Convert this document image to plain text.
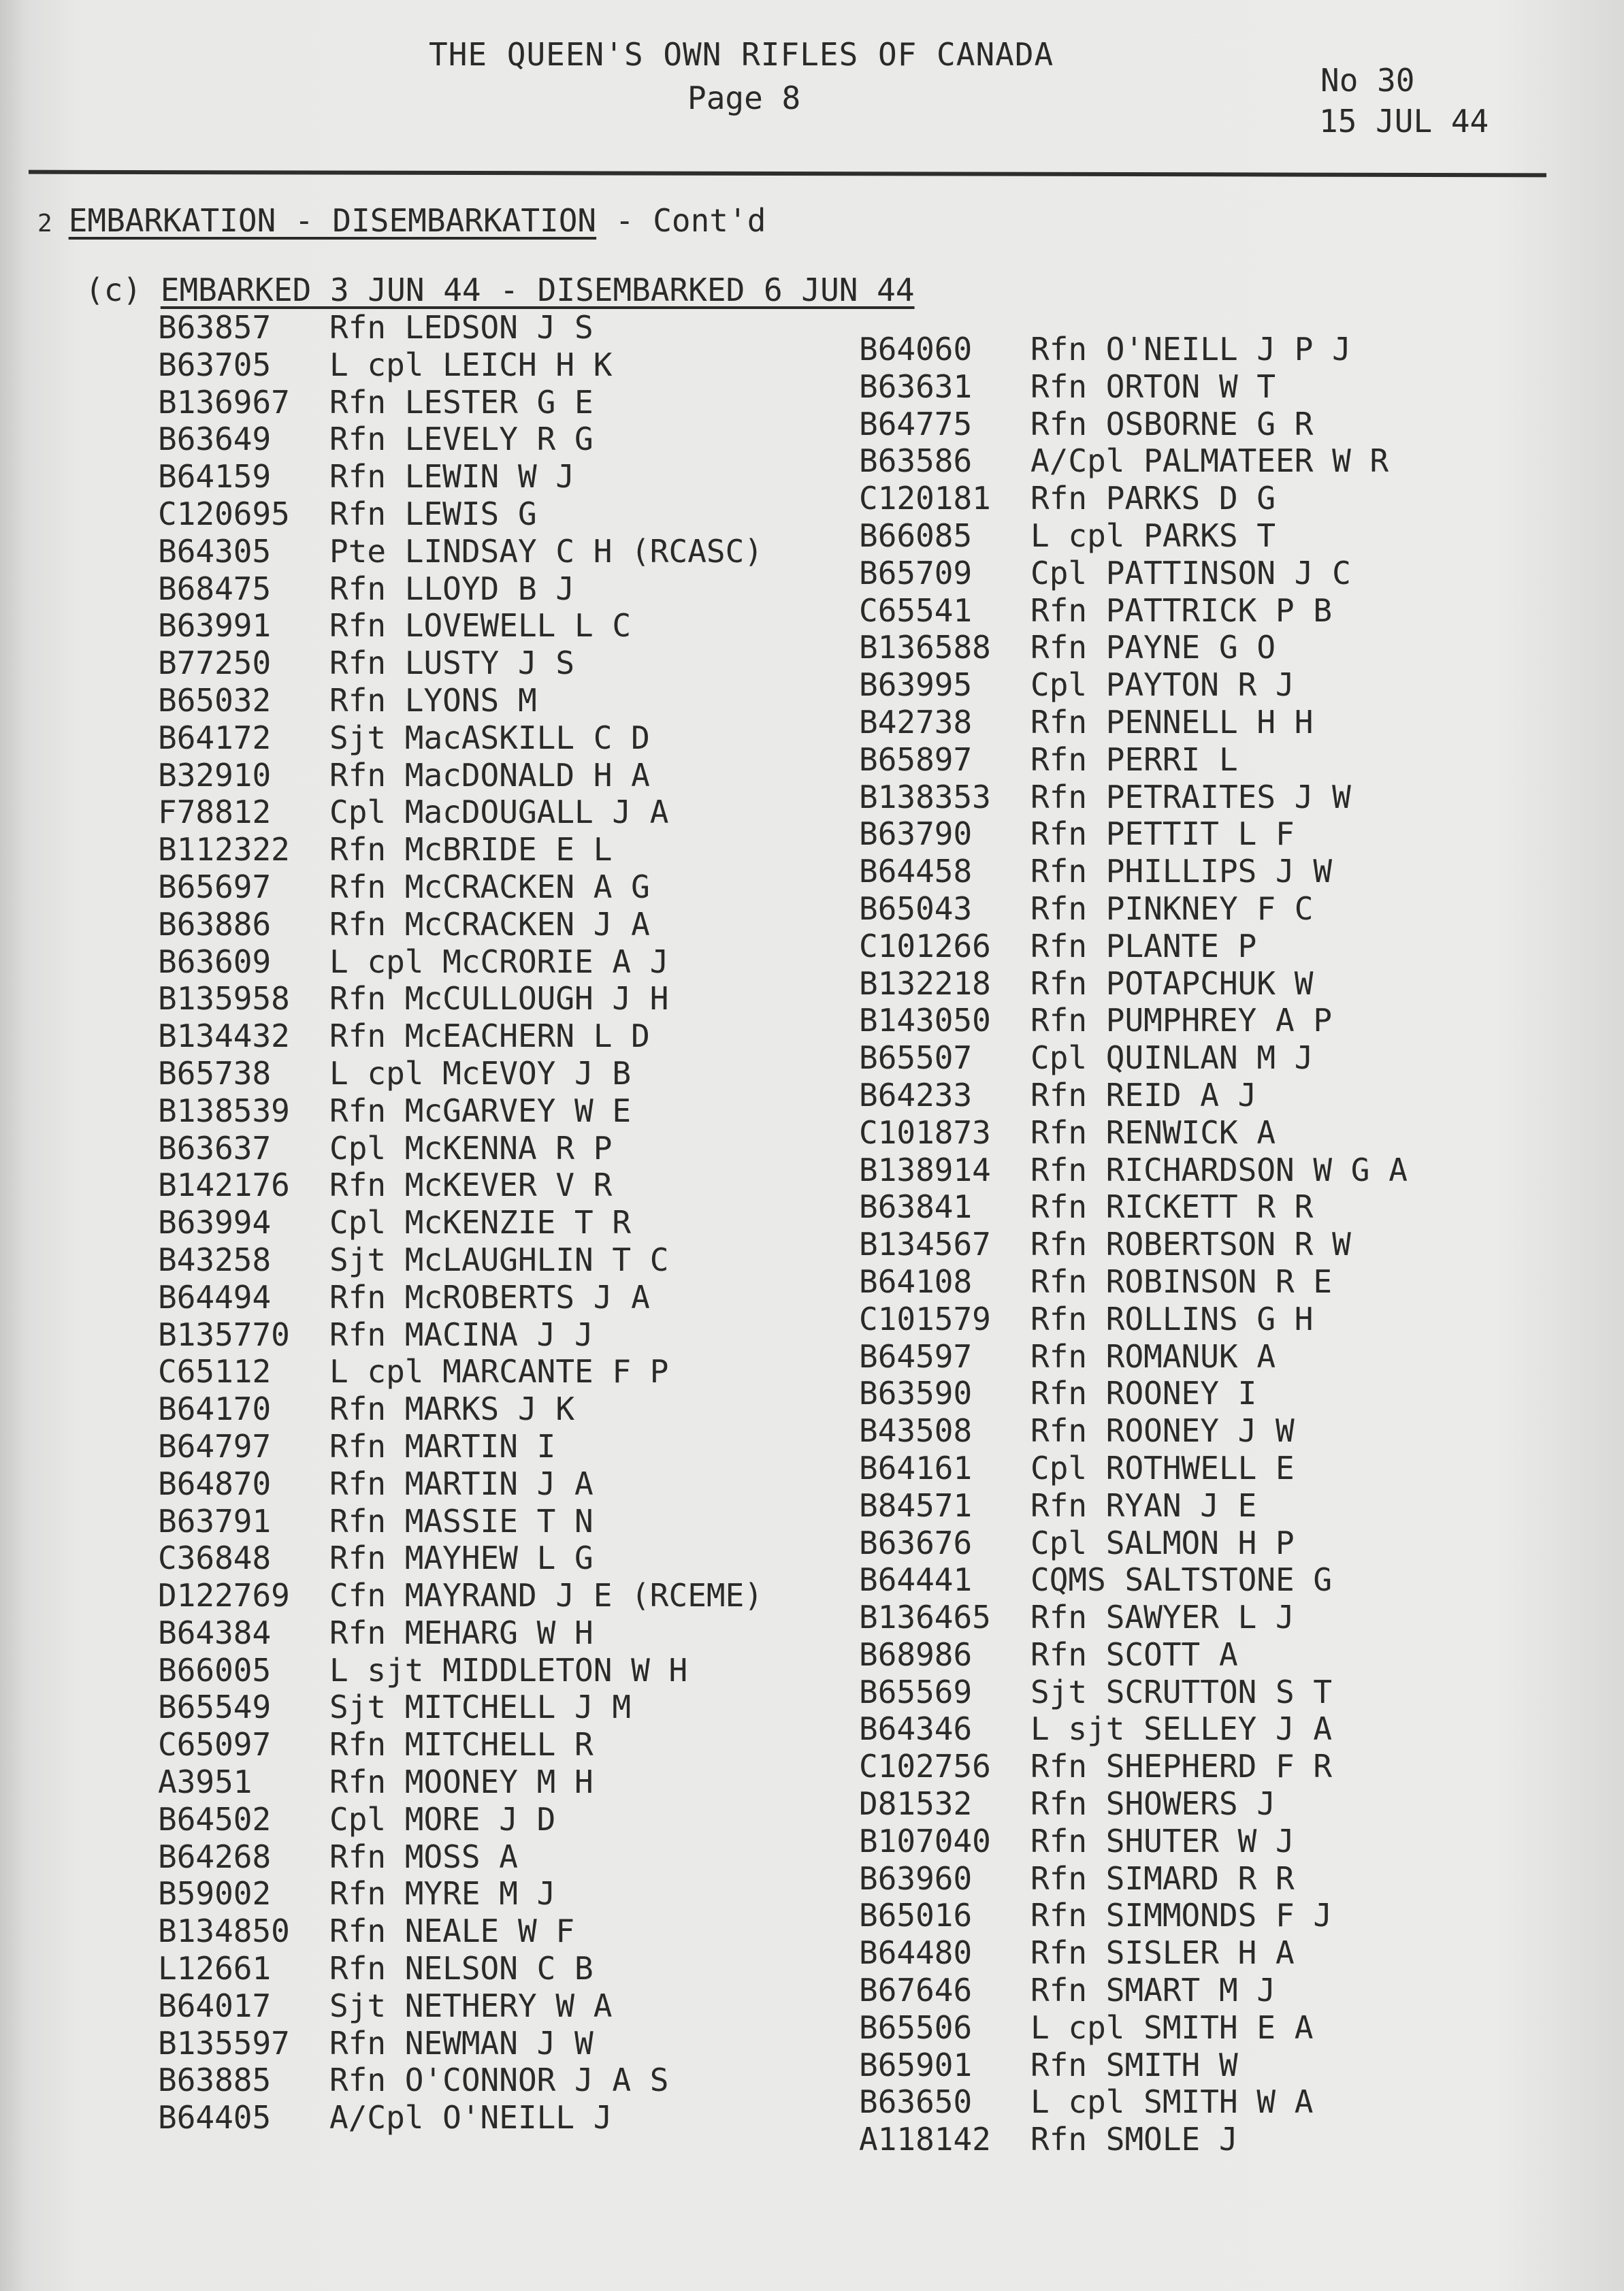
THE QUEEN'S OWN RIFLES OF CANADA
Page 8	No 30
15 JUL 44
2 EMBARKATION - DISEMBARKATION - Cont'd
(c) EMBARKED 3 JUN 44 - DISEMBARKED 6 JUN 44
B63857 Rfn LEDSON J S
B63705 L cpl LEICH H K
B136967 Rfn LESTER G E
B63649 Rfn LEVELY R G
B64159 Rfn LEWIN W J
C120695 Rfn LEWIS G
B64305 Pte LINDSAY C H (RCASC)
B68475 Rfn LLOYD B J
B63991 Rfn LOVEWELL L C
B77250 Rfn LUSTY J S
B65032 Rfn LYONS M
B64172 Sjt MacASKILL C D
B32910 Rfn MacDONALD H A
F78812 Cpl MacDOUGALL J A
B112322 Rfn McBRIDE E L
B65697 Rfn McCRACKEN A G
B63886 Rfn McCRACKEN J A
B63609 L cpl McCRORIE A J
B135958 Rfn McCULLOUGH J H
B134432 Rfn McEACHERN L D
B65738 L cpl McEVOY J B
B138539 Rfn McGARVEY W E
B63637 Cpl McKENNA R P
B142176 Rfn McKEVER V R
B63994 Cpl McKENZIE T R
B43258 Sjt McLAUGHLIN T C
B64494 Rfn McROBERTS J A
B135770 Rfn MACINA J J
C65112 L cpl MARCANTE F P
B64170 Rfn MARKS J K
B64797 Rfn MARTIN I
B64870 Rfn MARTIN J A
B63791 Rfn MASSIE T N
C36848 Rfn MAYHEW L G
D122769 Cfn MAYRAND J E (RCEME)
B64384 Rfn MEHARG W H
B66005 L sjt MIDDLETON W H
B65549 Sjt MITCHELL J M
C65097 Rfn MITCHELL R
A3951 Rfn MOONEY M H
B64502 Cpl MORE J D
B64268 Rfn MOSS A
B59002 Rfn MYRE M J
B134850 Rfn NEALE W F
L12661 Rfn NELSON C B
B64017 Sjt NETHERY W A
B135597 Rfn NEWMAN J W
B63885 Rfn O'CONNOR J A S
B64405 A/Cpl O'NEILL J
B64060 Rfn O'NEILL J P J
B63631 Rfn ORTON W T
B64775 Rfn OSBORNE G R
B63586 A/Cpl PALMATEER W R
C120181 Rfn PARKS D G
B66085 L cpl PARKS T
B65709 Cpl PATTINSON J C
C65541 Rfn PATTRICK P B
B136588 Rfn PAYNE G O
B63995 Cpl PAYTON R J
B42738 Rfn PENNELL H H
B65897 Rfn PERRI L
B138353 Rfn PETRAITES J W
B63790 Rfn PETTIT L F
B64458 Rfn PHILLIPS J W
B65043 Rfn PINKNEY F C
C101266 Rfn PLANTE P
B132218 Rfn POTAPCHUK W
B143050 Rfn PUMPHREY A P
B65507 Cpl QUINLAN M J
B64233 Rfn REID A J
C101873 Rfn RENWICK A
B138914 Rfn RICHARDSON W G A
B63841 Rfn RICKETT R R
B134567 Rfn ROBERTSON R W
B64108 Rfn ROBINSON R E
C101579 Rfn ROLLINS G H
B64597 Rfn ROMANUK A
B63590 Rfn ROONEY I
B43508 Rfn ROONEY J W
B64161 Cpl ROTHWELL E
B84571 Rfn RYAN J E
B63676 Cpl SALMON H P
B64441 CQMS SALTSTONE G
B136465 Rfn SAWYER L J
B68986 Rfn SCOTT A
B65569 Sjt SCRUTTON S T
B64346 L sjt SELLEY J A
C102756 Rfn SHEPHERD F R
D81532 Rfn SHOWERS J
B107040 Rfn SHUTER W J
B63960 Rfn SIMARD R R
B65016 Rfn SIMMONDS F J
B64480 Rfn SISLER H A
B67646 Rfn SMART M J
B65506 L cpl SMITH E A
B65901 Rfn SMITH W
B63650 L cpl SMITH W A
A118142 Rfn SMOLE J
